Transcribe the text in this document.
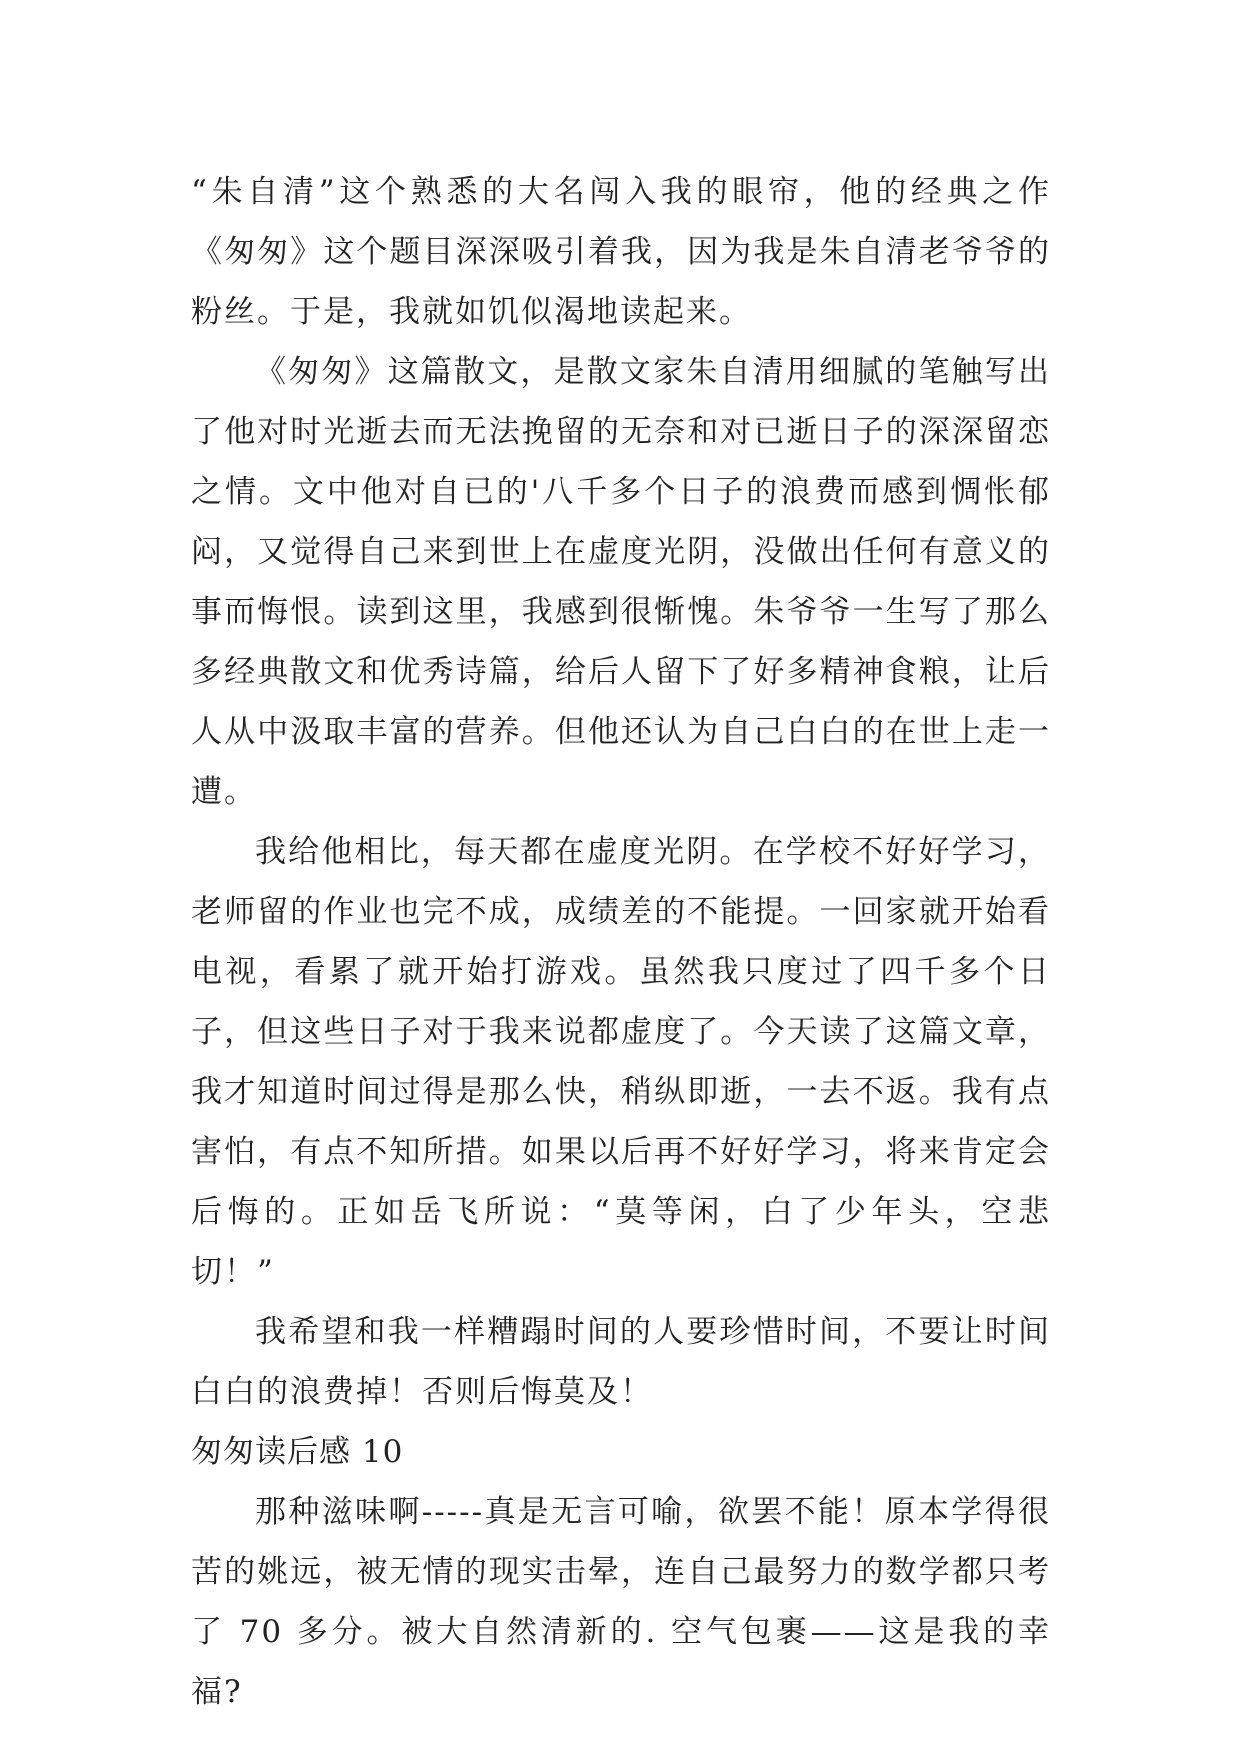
“朱自清”这个熟悉的大名闯入我的眼帘，他的经典之作《匆匆》这个题目深深吸引着我，因为我是朱自清老爷爷的粉丝。于是，我就如饥似渴地读起来。

《匆匆》这篇散文，是散文家朱自清用细腻的笔触写出了他对时光逝去而无法挽留的无奈和对已逝日子的深深留恋之情。文中他对自已的'八千多个日子的浪费而感到惆怅郁闷，又觉得自己来到世上在虚度光阴，没做出任何有意义的事而悔恨。读到这里，我感到很惭愧。朱爷爷一生写了那么多经典散文和优秀诗篇，给后人留下了好多精神食粮，让后人从中汲取丰富的营养。但他还认为自己白白的在世上走一遭。

我给他相比，每天都在虚度光阴。在学校不好好学习，老师留的作业也完不成，成绩差的不能提。一回家就开始看电视，看累了就开始打游戏。虽然我只度过了四千多个日子，但这些日子对于我来说都虚度了。今天读了这篇文章，我才知道时间过得是那么快，稍纵即逝，一去不返。我有点害怕，有点不知所措。如果以后再不好好学习，将来肯定会后悔的。正如岳飞所说：“莫等闲，白了少年头，空悲切！”

我希望和我一样糟蹋时间的人要珍惜时间，不要让时间白白的浪费掉！否则后悔莫及！

匆匆读后感 10

那种滋味啊-----真是无言可喻，欲罢不能！原本学得很苦的姚远，被无情的现实击晕，连自己最努力的数学都只考了 70 多分。被大自然清新的. 空气包裹——这是我的幸福?
